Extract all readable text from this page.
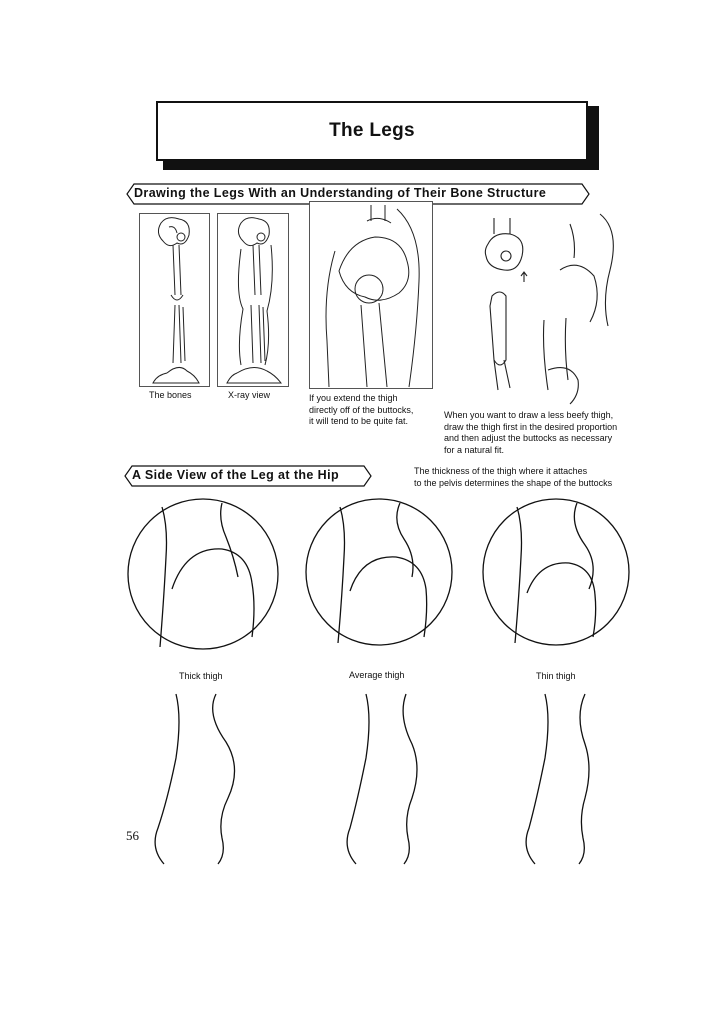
The Legs
Drawing the Legs With an Understanding of Their Bone Structure
The bones	X-ray view	If you extend the thigh
directly off of the buttocks,
it will tend to be quite fat.
When you want to draw a less beefy thigh,
draw the thigh first in the desired proportion
and then adjust the buttocks as necessary
for a natural fit.
A Side View of the Leg at the Hip	The thickness of the thigh where it attaches
to the pelvis determines the shape of the buttocks
Thick thigh	Average thigh	Thin thigh
56
